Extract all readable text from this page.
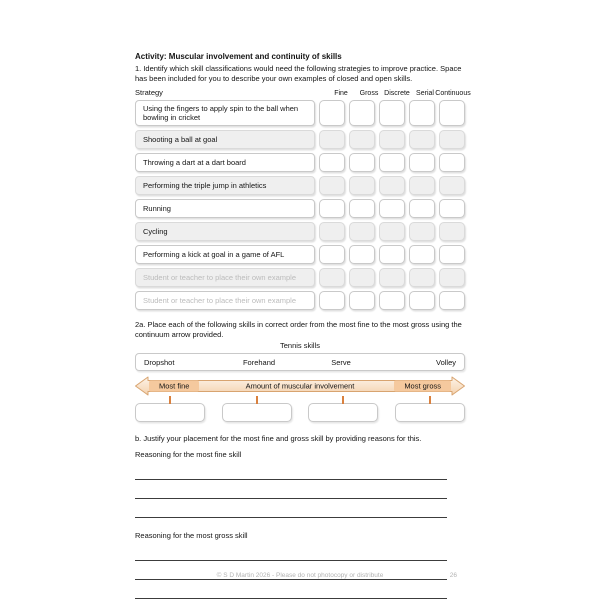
Activity: Muscular involvement and continuity of skills

1. Identify which skill classifications would need the following strategies to improve practice. Space has been included for you to describe your own examples of closed and open skills.

Strategy	Fine	Gross Discrete Serial Continuous
Using the fingers to apply spin to the ball when bowling in cricket
Shooting a ball at goal
Throwing a dart at a dart board
Performing the triple jump in athletics
Running
Cycling
Performing a kick at goal in a game of AFL
Student or teacher to place their own example
Student or teacher to place their own example

2a. Place each of the following skills in correct order from the most fine to the most gross using the continuum arrow provided.

Tennis skills
Dropshot	Forehand	Serve	Volley
Most fine	Amount of muscular involvement	Most gross

b. Justify your placement for the most fine and gross skill by providing reasons for this.

Reasoning for the most fine skill

Reasoning for the most gross skill

© S D Martin 2026 - Please do not photocopy or distribute	26
